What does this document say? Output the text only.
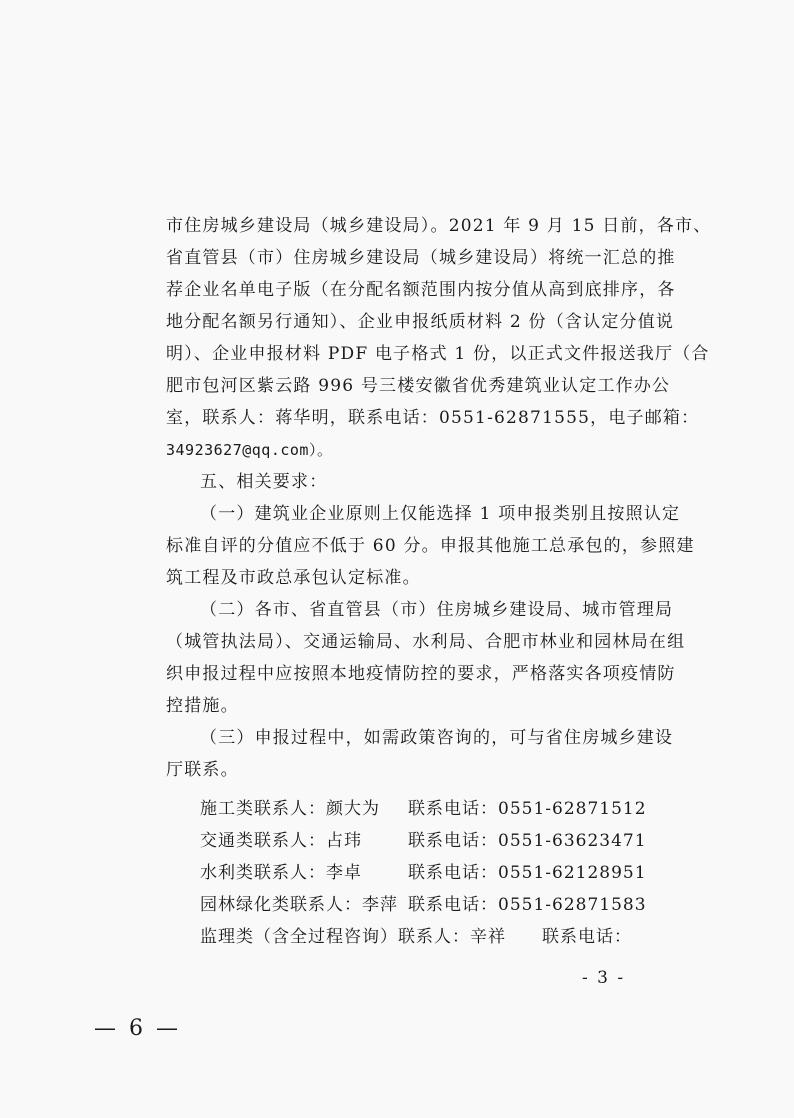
市住房城乡建设局（城乡建设局）。2021 年 9 月 15 日前，各市、
省直管县（市）住房城乡建设局（城乡建设局）将统一汇总的推
荐企业名单电子版（在分配名额范围内按分值从高到底排序，各
地分配名额另行通知）、企业申报纸质材料 2 份（含认定分值说
明）、企业申报材料 PDF 电子格式 1 份，以正式文件报送我厅（合
肥市包河区紫云路 996 号三楼安徽省优秀建筑业认定工作办公
室，联系人：蒋华明，联系电话：0551-62871555，电子邮箱：
34923627@qq.com）。
五、相关要求：
（一）建筑业企业原则上仅能选择 1 项申报类别且按照认定
标准自评的分值应不低于 60 分。申报其他施工总承包的，参照建
筑工程及市政总承包认定标准。
（二）各市、省直管县（市）住房城乡建设局、城市管理局
（城管执法局）、交通运输局、水利局、合肥市林业和园林局在组
织申报过程中应按照本地疫情防控的要求，严格落实各项疫情防
控措施。
（三）申报过程中，如需政策咨询的，可与省住房城乡建设
厅联系。
施工类联系人：颜大为 联系电话：0551-62871512
交通类联系人：占玮	联系电话：0551-63623471
水利类联系人：李卓	联系电话：0551-62128951
园林绿化类联系人：李萍 联系电话：0551-62871583
监理类（含全过程咨询）联系人：辛祥　　联系电话：
- 3 -
— 6 —
